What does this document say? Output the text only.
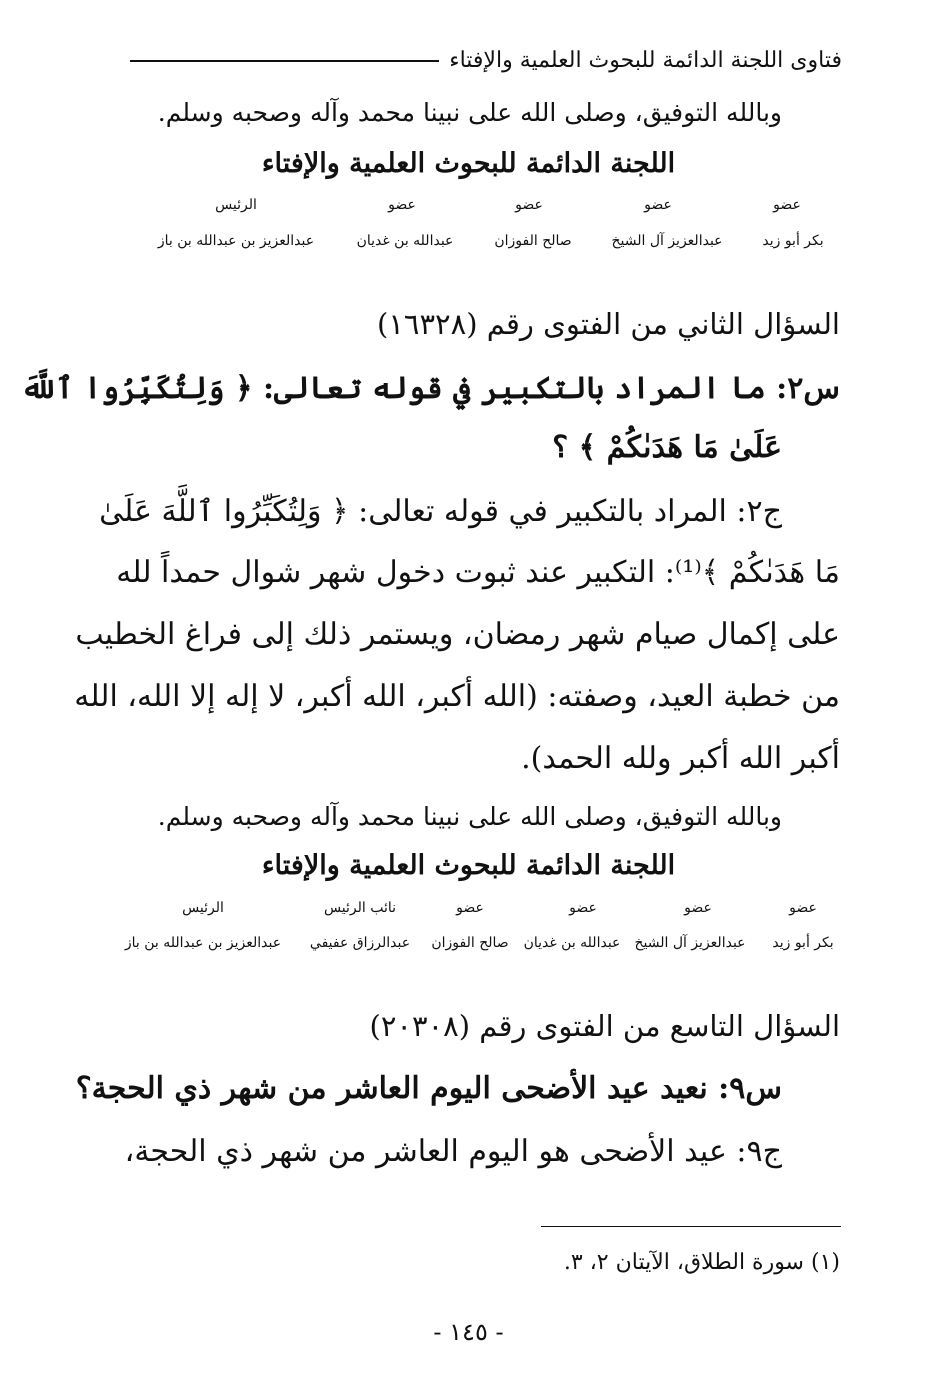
فتاوى اللجنة الدائمة للبحوث العلمية والإفتاء
وبالله التوفيق، وصلى الله على نبينا محمد وآله وصحبه وسلم.
اللجنة الدائمة للبحوث العلمية والإفتاء
عضو
عضو
عضو
عضو
الرئيس
بكر أبو زيد
عبدالعزيز آل الشيخ
صالح الفوزان
عبدالله بن غديان
عبدالعزيز بن عبدالله بن باز
السؤال الثاني من الفتوى رقم (١٦٣٢٨)
س٢: ما المراد بالتكبير في قوله تعالى: ﴿ وَلِتُكَبِّرُوا ٱللَّهَ
عَلَىٰ مَا هَدَىٰكُمْ ﴾ ؟
ج٢: المراد بالتكبير في قوله تعالى: ﴿ وَلِتُكَبِّرُوا ٱللَّهَ عَلَىٰ
مَا هَدَىٰكُمْ ﴾⁽¹⁾: التكبير عند ثبوت دخول شهر شوال حمداً لله
على إكمال صيام شهر رمضان، ويستمر ذلك إلى فراغ الخطيب
من خطبة العيد، وصفته: (الله أكبر، الله أكبر، لا إله إلا الله، الله
أكبر الله أكبر ولله الحمد).
وبالله التوفيق، وصلى الله على نبينا محمد وآله وصحبه وسلم.
اللجنة الدائمة للبحوث العلمية والإفتاء
عضو
عضو
عضو
عضو
نائب الرئيس
الرئيس
بكر أبو زيد
عبدالعزيز آل الشيخ
عبدالله بن غديان
صالح الفوزان
عبدالرزاق عفيفي
عبدالعزيز بن عبدالله بن باز
السؤال التاسع من الفتوى رقم (٢٠٣٠٨)
س٩: نعيد عيد الأضحى اليوم العاشر من شهر ذي الحجة؟
ج٩: عيد الأضحى هو اليوم العاشر من شهر ذي الحجة،
(١) سورة الطلاق، الآيتان ٢، ٣.
- ١٤٥ -
